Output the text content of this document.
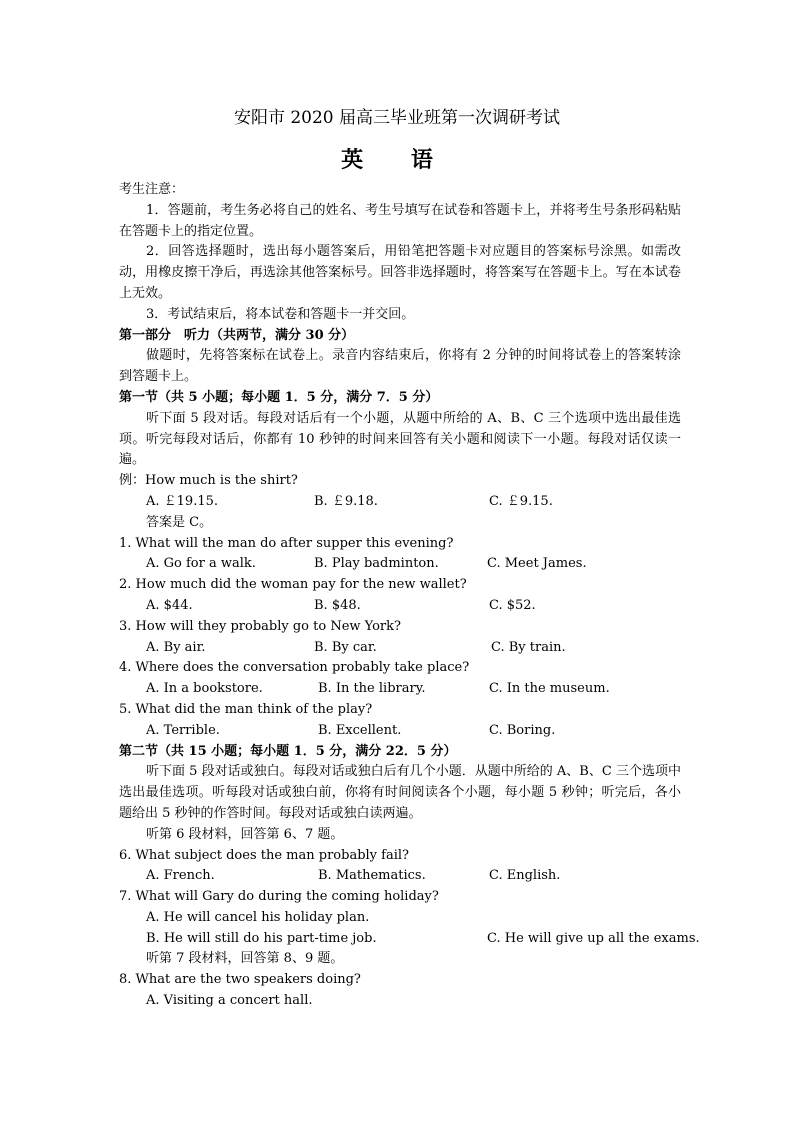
安阳市 2020 届高三毕业班第一次调研考试
英 语
考生注意：

1．答题前，考生务必将自己的姓名、考生号填写在试卷和答题卡上，并将考生号条形码粘贴在答题卡上的指定位置。

2．回答选择题时，选出每小题答案后，用铅笔把答题卡对应题目的答案标号涂黑。如需改动，用橡皮擦干净后，再选涂其他答案标号。回答非选择题时，将答案写在答题卡上。写在本试卷上无效。

3．考试结束后，将本试卷和答题卡一并交回。

第一部分　听力（共两节，满分 30 分）

做题时，先将答案标在试卷上。录音内容结束后，你将有 2 分钟的时间将试卷上的答案转涂到答题卡上。

第一节（共 5 小题；每小题 1．5 分，满分 7．5 分）

听下面 5 段对话。每段对话后有一个小题，从题中所给的 A、B、C 三个选项中选出最佳选项。听完每段对话后，你都有 10 秒钟的时间来回答有关小题和阅读下一小题。每段对话仅读一遍。

例：How much is the shirt?
A. ￡19.15.	B. ￡9.18.	C. ￡9.15.
答案是 C。
1. What will the man do after supper this evening?
A. Go for a walk.	B. Play badminton.	C. Meet James.
2. How much did the woman pay for the new wallet?
A. $44.	B. $48.	C. $52.
3. How will they probably go to New York?
A. By air.	B. By car.	C. By train.
4. Where does the conversation probably take place?
A. In a bookstore.	B. In the library.	C. In the museum.
5. What did the man think of the play?
A. Terrible.	B. Excellent.	C. Boring.
第二节（共 15 小题；每小题 1．5 分，满分 22．5 分）

听下面 5 段对话或独白。每段对话或独白后有几个小题．从题中所给的 A、B、C 三个选项中选出最佳选项。听每段对话或独白前，你将有时间阅读各个小题，每小题 5 秒钟；听完后，各小题给出 5 秒钟的作答时间。每段对话或独白读两遍。

听第 6 段材料，回答第 6、7 题。
6. What subject does the man probably fail?
A. French.	B. Mathematics.	C. English.
7. What will Gary do during the coming holiday?
A. He will cancel his holiday plan.
B. He will still do his part-time job.	C. He will give up all the exams.
听第 7 段材料，回答第 8、9 题。
8. What are the two speakers doing?
A. Visiting a concert hall.
